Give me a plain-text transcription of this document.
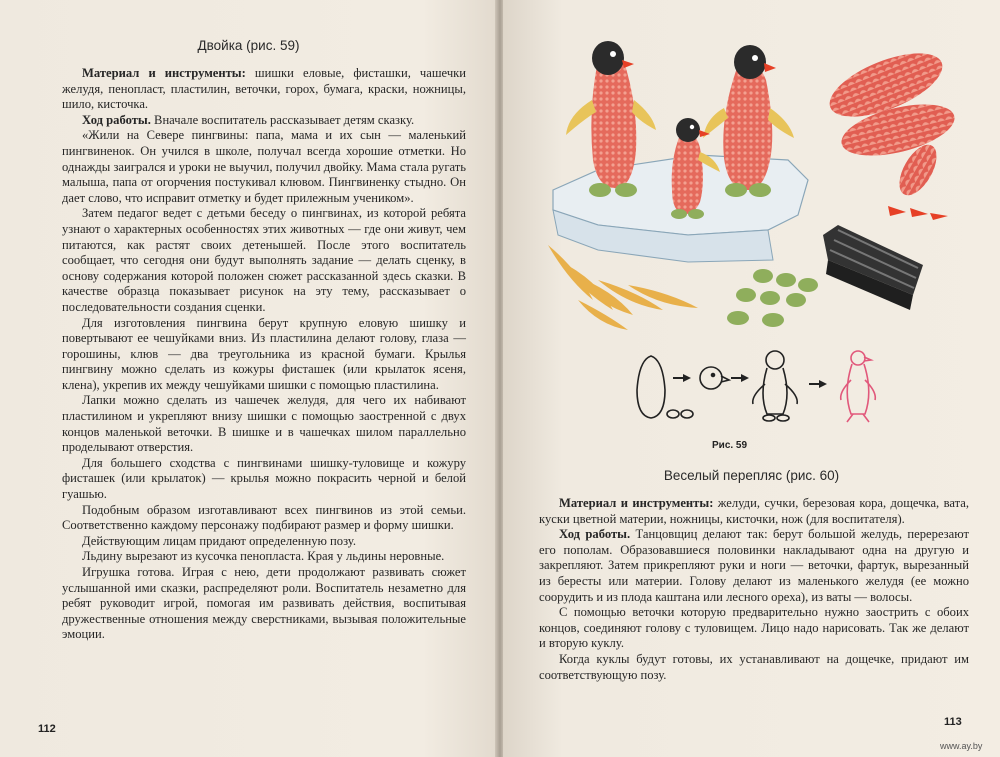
Двойка (рис. 59)

Материал и инструменты: шишки еловые, фисташки, чашечки желудя, пенопласт, пластилин, веточки, горох, бумага, краски, ножницы, шило, кисточка.

Ход работы. Вначале воспитатель рассказывает детям сказку.

«Жили на Севере пингвины: папа, мама и их сын — маленький пингвиненок. Он учился в школе, получал всегда хорошие отметки. Но однажды заигрался и уроки не выучил, получил двойку. Мама стала ругать малыша, папа от огорчения постукивал клювом. Пингвиненку стыдно. Он дает слово, что исправит отметку и будет прилежным учеником».

Затем педагог ведет с детьми беседу о пингвинах, из которой ребята узнают о характерных особенностях этих животных — где они живут, чем питаются, как растят своих детенышей. После этого воспитатель сообщает, что сегодня они будут выполнять задание — делать сценку, в основу содержания которой положен сюжет рассказанной здесь сказки. В качестве образца показывает рисунок на эту тему, рассказывает о последовательности создания сценки.

Для изготовления пингвина берут крупную еловую шишку и повертывают ее чешуйками вниз. Из пластилина делают голову, глаза — горошины, клюв — два треугольника из красной бумаги. Крылья пингвину можно сделать из кожуры фисташек (или крылаток ясеня, клена), укрепив их между чешуйками шишки с помощью пластилина.

Лапки можно сделать из чашечек желудя, для чего их набивают пластилином и укрепляют внизу шишки с помощью заостренной с двух концов маленькой веточки. В шишке и в чашечках шилом параллельно проделывают отверстия.

Для большего сходства с пингвинами шишку-туловище и кожуру фисташек (или крылаток) — крылья можно покрасить черной и белой гуашью.

Подобным образом изготавливают всех пингвинов из этой семьи. Соответственно каждому персонажу подбирают размер и форму шишки.

Действующим лицам придают определенную позу.

Льдину вырезают из кусочка пенопласта. Края у льдины неровные.

Игрушка готова. Играя с нею, дети продолжают развивать сюжет услышанной ими сказки, распределяют роли. Воспитатель незаметно для ребят руководит игрой, помогая им развивать действия, воспитывая дружественные отношения между сверстниками, вызывая положительные эмоции.

112
Рис. 59
Веселый перепляс (рис. 60)

Материал и инструменты: желуди, сучки, березовая кора, дощечка, вата, куски цветной материи, ножницы, кисточки, нож (для воспитателя).

Ход работы. Танцовщиц делают так: берут большой желудь, перерезают его пополам. Образовавшиеся половинки накладывают одна на другую и закрепляют. Затем прикрепляют руки и ноги — веточки, фартук, вырезанный из бересты или материи. Голову делают из маленького желудя (ее можно соорудить и из плода каштана или лесного ореха), из ваты — волосы.

С помощью веточки которую предварительно нужно заострить с обоих концов, соединяют голову с туловищем. Лицо надо нарисовать. Так же делают и вторую куклу.

Когда куклы будут готовы, их устанавливают на дощечке, придают им соответствующую позу.

113
www.ay.by
